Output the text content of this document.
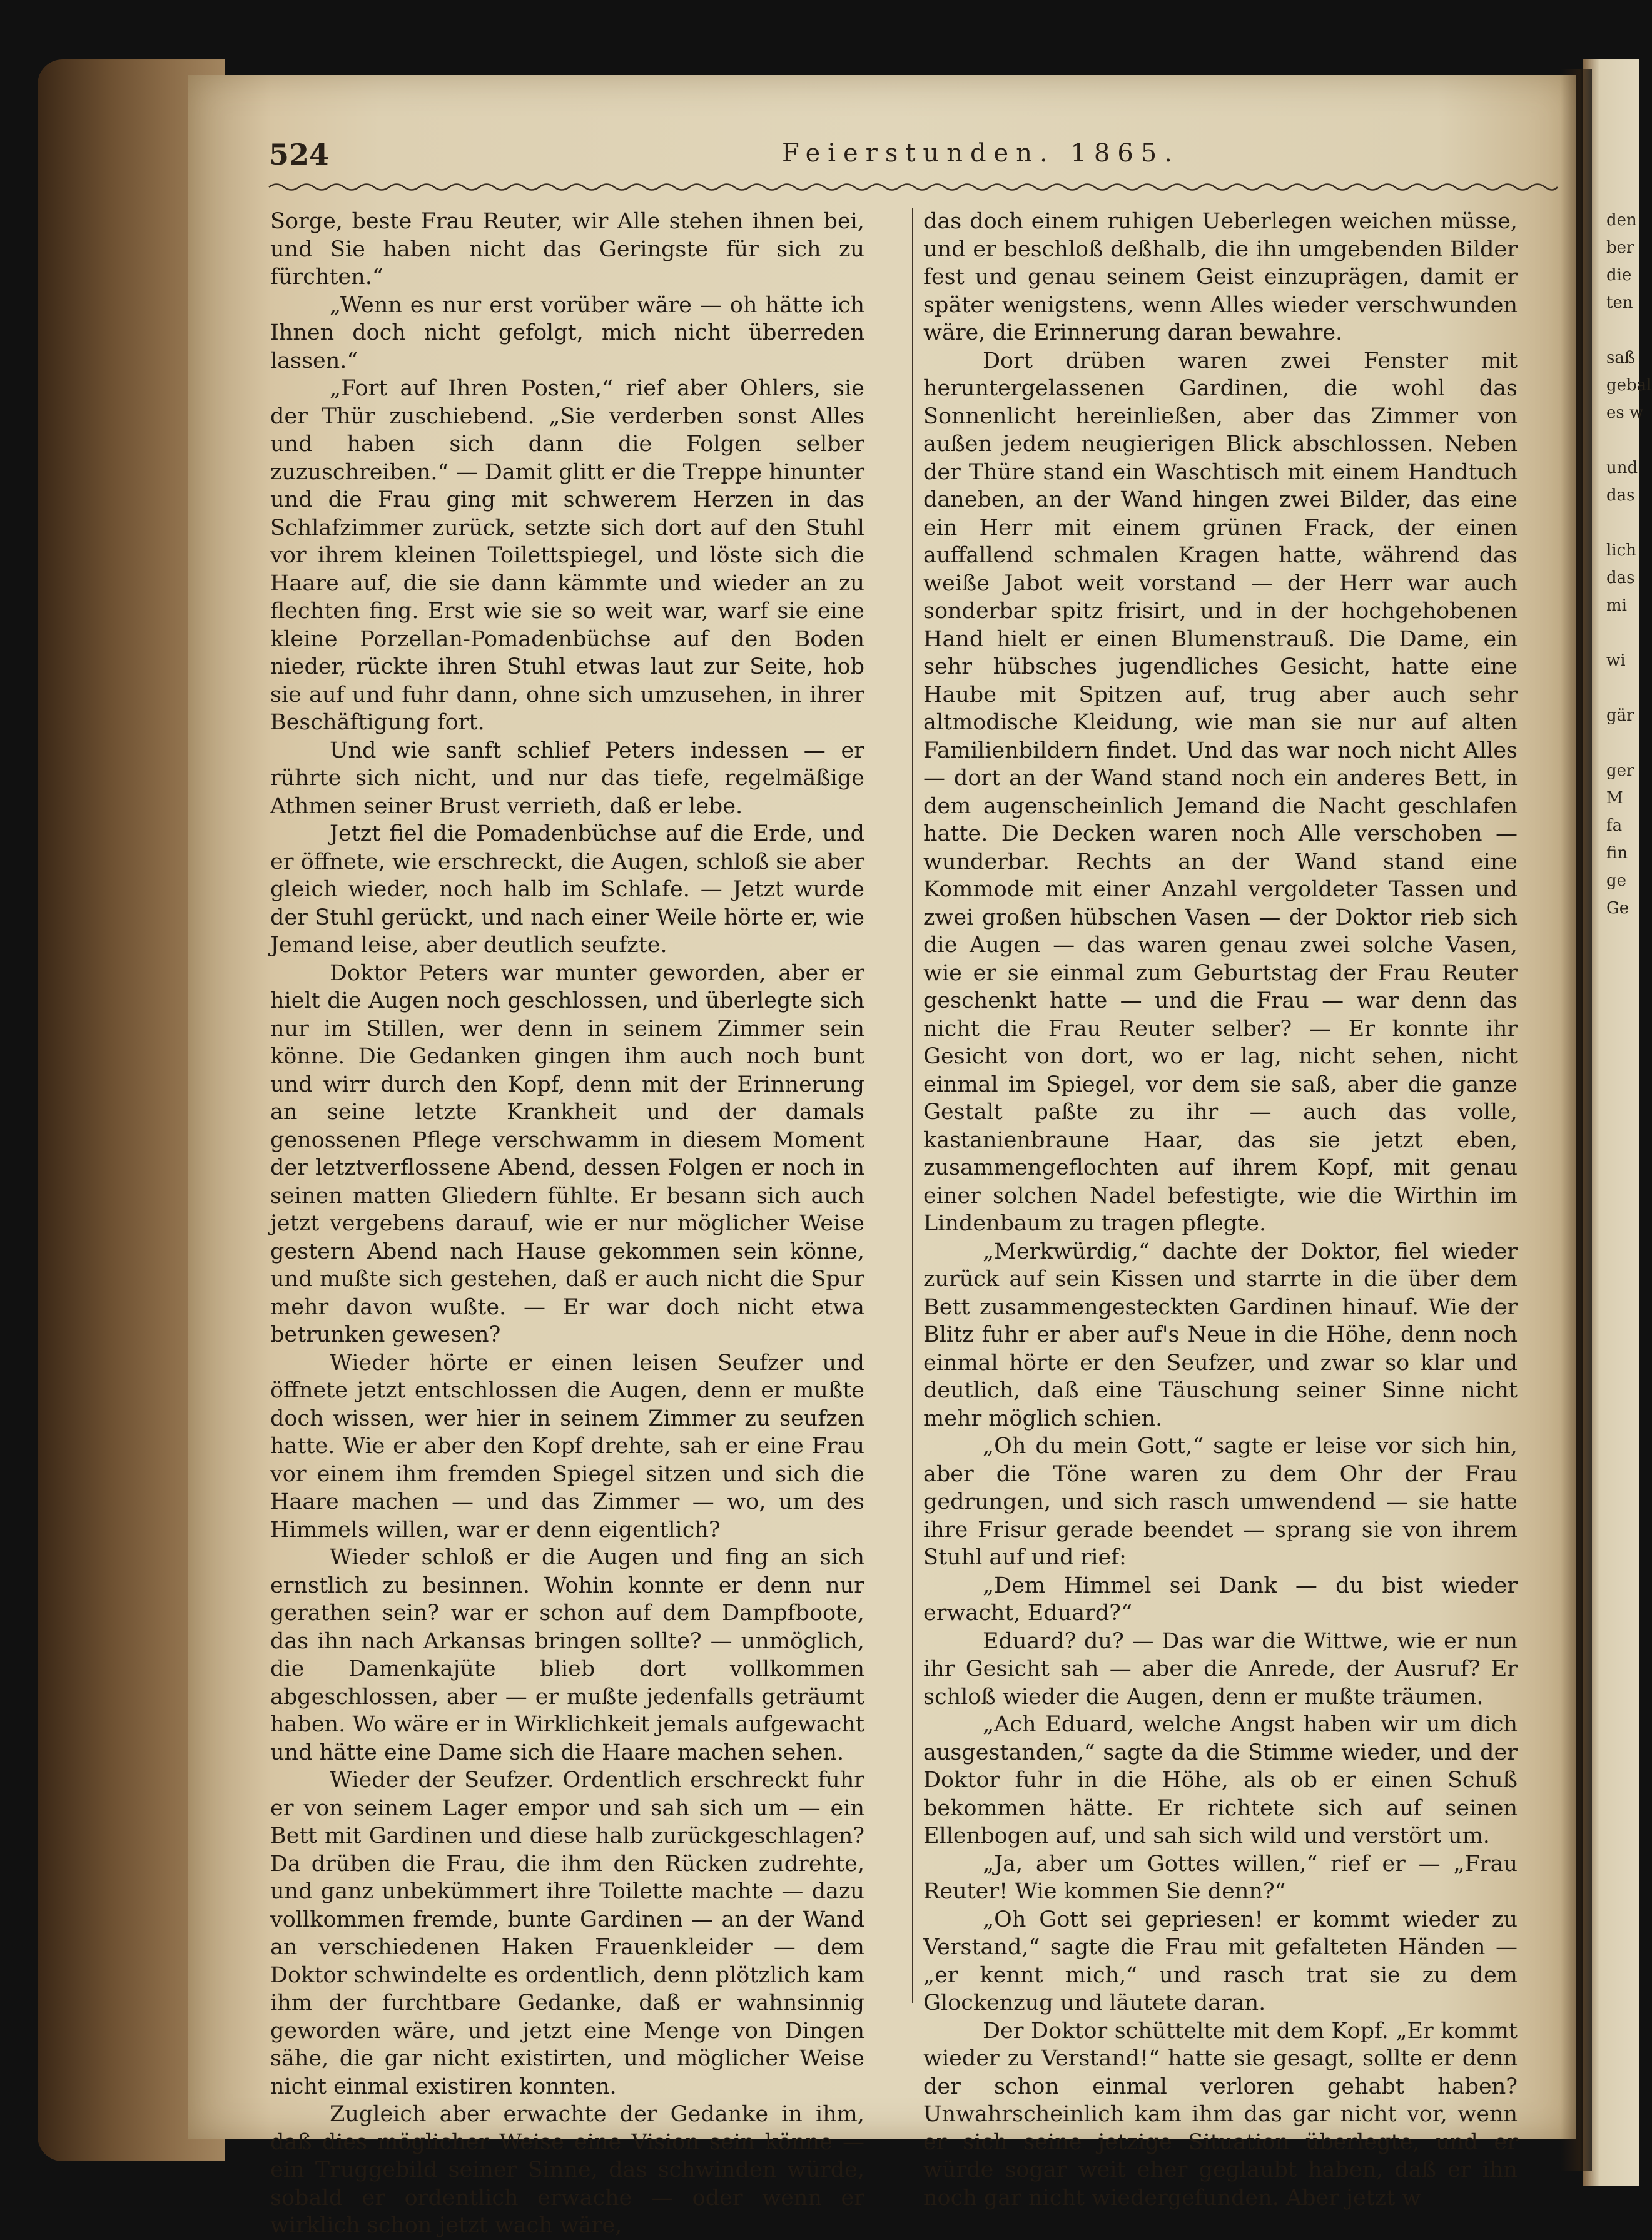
524	Feierstunden. 1865.

Sorge, beste Frau Reuter, wir Alle stehen ihnen bei, und Sie haben nicht das Geringste für sich zu fürchten.“

„Wenn es nur erst vorüber wäre — oh hätte ich Ihnen doch nicht gefolgt, mich nicht überreden lassen.“

„Fort auf Ihren Posten,“ rief aber Ohlers, sie der Thür zuschiebend. „Sie verderben sonst Alles und haben sich dann die Folgen selber zuzuschreiben.“ — Damit glitt er die Treppe hinunter und die Frau ging mit schwerem Herzen in das Schlafzimmer zurück, setzte sich dort auf den Stuhl vor ihrem kleinen Toilettspiegel, und löste sich die Haare auf, die sie dann kämmte und wieder an zu flechten fing. Erst wie sie so weit war, warf sie eine kleine Porzellan-Pomadenbüchse auf den Boden nieder, rückte ihren Stuhl etwas laut zur Seite, hob sie auf und fuhr dann, ohne sich umzusehen, in ihrer Beschäftigung fort.

Und wie sanft schlief Peters indessen — er rührte sich nicht, und nur das tiefe, regelmäßige Athmen seiner Brust verrieth, daß er lebe.

Jetzt fiel die Pomadenbüchse auf die Erde, und er öffnete, wie erschreckt, die Augen, schloß sie aber gleich wieder, noch halb im Schlafe. — Jetzt wurde der Stuhl gerückt, und nach einer Weile hörte er, wie Jemand leise, aber deutlich seufzte.

Doktor Peters war munter geworden, aber er hielt die Augen noch geschlossen, und überlegte sich nur im Stillen, wer denn in seinem Zimmer sein könne. Die Gedanken gingen ihm auch noch bunt und wirr durch den Kopf, denn mit der Erinnerung an seine letzte Krankheit und der damals genossenen Pflege verschwamm in diesem Moment der letztverflossene Abend, dessen Folgen er noch in seinen matten Gliedern fühlte. Er besann sich auch jetzt vergebens darauf, wie er nur möglicher Weise gestern Abend nach Hause gekommen sein könne, und mußte sich gestehen, daß er auch nicht die Spur mehr davon wußte. — Er war doch nicht etwa betrunken gewesen?

Wieder hörte er einen leisen Seufzer und öffnete jetzt entschlossen die Augen, denn er mußte doch wissen, wer hier in seinem Zimmer zu seufzen hatte. Wie er aber den Kopf drehte, sah er eine Frau vor einem ihm fremden Spiegel sitzen und sich die Haare machen — und das Zimmer — wo, um des Himmels willen, war er denn eigentlich?

Wieder schloß er die Augen und fing an sich ernstlich zu besinnen. Wohin konnte er denn nur gerathen sein? war er schon auf dem Dampfboote, das ihn nach Arkansas bringen sollte? — unmöglich, die Damenkajüte blieb dort vollkommen abgeschlossen, aber — er mußte jedenfalls geträumt haben. Wo wäre er in Wirklichkeit jemals aufgewacht und hätte eine Dame sich die Haare machen sehen.

Wieder der Seufzer. Ordentlich erschreckt fuhr er von seinem Lager empor und sah sich um — ein Bett mit Gardinen und diese halb zurückgeschlagen? Da drüben die Frau, die ihm den Rücken zudrehte, und ganz unbekümmert ihre Toilette machte — dazu vollkommen fremde, bunte Gardinen — an der Wand an verschiedenen Haken Frauenkleider — dem Doktor schwindelte es ordentlich, denn plötzlich kam ihm der furchtbare Gedanke, daß er wahnsinnig geworden wäre, und jetzt eine Menge von Dingen sähe, die gar nicht existirten, und möglicher Weise nicht einmal existiren konnten.

Zugleich aber erwachte der Gedanke in ihm, daß dies möglicher Weise eine Vision sein könne — ein Truggebild seiner Sinne, das schwinden würde, sobald er ordentlich erwache — oder wenn er wirklich schon jetzt wach wäre,

das doch einem ruhigen Ueberlegen weichen müsse, und er beschloß deßhalb, die ihn umgebenden Bilder fest und genau seinem Geist einzuprägen, damit er später wenigstens, wenn Alles wieder verschwunden wäre, die Erinnerung daran bewahre.

Dort drüben waren zwei Fenster mit heruntergelassenen Gardinen, die wohl das Sonnenlicht hereinließen, aber das Zimmer von außen jedem neugierigen Blick abschlossen. Neben der Thüre stand ein Waschtisch mit einem Handtuch daneben, an der Wand hingen zwei Bilder, das eine ein Herr mit einem grünen Frack, der einen auffallend schmalen Kragen hatte, während das weiße Jabot weit vorstand — der Herr war auch sonderbar spitz frisirt, und in der hochgehobenen Hand hielt er einen Blumenstrauß. Die Dame, ein sehr hübsches jugendliches Gesicht, hatte eine Haube mit Spitzen auf, trug aber auch sehr altmodische Kleidung, wie man sie nur auf alten Familienbildern findet. Und das war noch nicht Alles — dort an der Wand stand noch ein anderes Bett, in dem augenscheinlich Jemand die Nacht geschlafen hatte. Die Decken waren noch Alle verschoben — wunderbar. Rechts an der Wand stand eine Kommode mit einer Anzahl vergoldeter Tassen und zwei großen hübschen Vasen — der Doktor rieb sich die Augen — das waren genau zwei solche Vasen, wie er sie einmal zum Geburtstag der Frau Reuter geschenkt hatte — und die Frau — war denn das nicht die Frau Reuter selber? — Er konnte ihr Gesicht von dort, wo er lag, nicht sehen, nicht einmal im Spiegel, vor dem sie saß, aber die ganze Gestalt paßte zu ihr — auch das volle, kastanienbraune Haar, das sie jetzt eben, zusammengeflochten auf ihrem Kopf, mit genau einer solchen Nadel befestigte, wie die Wirthin im Lindenbaum zu tragen pflegte.

„Merkwürdig,“ dachte der Doktor, fiel wieder zurück auf sein Kissen und starrte in die über dem Bett zusammengesteckten Gardinen hinauf. Wie der Blitz fuhr er aber auf's Neue in die Höhe, denn noch einmal hörte er den Seufzer, und zwar so klar und deutlich, daß eine Täuschung seiner Sinne nicht mehr möglich schien.

„Oh du mein Gott,“ sagte er leise vor sich hin, aber die Töne waren zu dem Ohr der Frau gedrungen, und sich rasch umwendend — sie hatte ihre Frisur gerade beendet — sprang sie von ihrem Stuhl auf und rief:

„Dem Himmel sei Dank — du bist wieder erwacht, Eduard?“

Eduard? du? — Das war die Wittwe, wie er nun ihr Gesicht sah — aber die Anrede, der Ausruf? Er schloß wieder die Augen, denn er mußte träumen.

„Ach Eduard, welche Angst haben wir um dich ausgestanden,“ sagte da die Stimme wieder, und der Doktor fuhr in die Höhe, als ob er einen Schuß bekommen hätte. Er richtete sich auf seinen Ellenbogen auf, und sah sich wild und verstört um.

„Ja, aber um Gottes willen,“ rief er — „Frau Reuter! Wie kommen Sie denn?“

„Oh Gott sei gepriesen! er kommt wieder zu Verstand,“ sagte die Frau mit gefalteten Händen — „er kennt mich,“ und rasch trat sie zu dem Glockenzug und läutete daran.

Der Doktor schüttelte mit dem Kopf. „Er kommt wieder zu Verstand!“ hatte sie gesagt, sollte er denn der schon einmal verloren gehabt haben? Unwahrscheinlich kam ihm das gar nicht vor, wenn er sich seine jetzige Situation überlegte, und er würde sogar weit eher geglaubt haben, daß er ihn noch gar nicht wiedergefunden. Aber jetzt w

den
ber
die
ten
saß
gebal
es w
und
das
lich
das
mi
wi
gär
ger
M
fa
fin
ge
Ge
